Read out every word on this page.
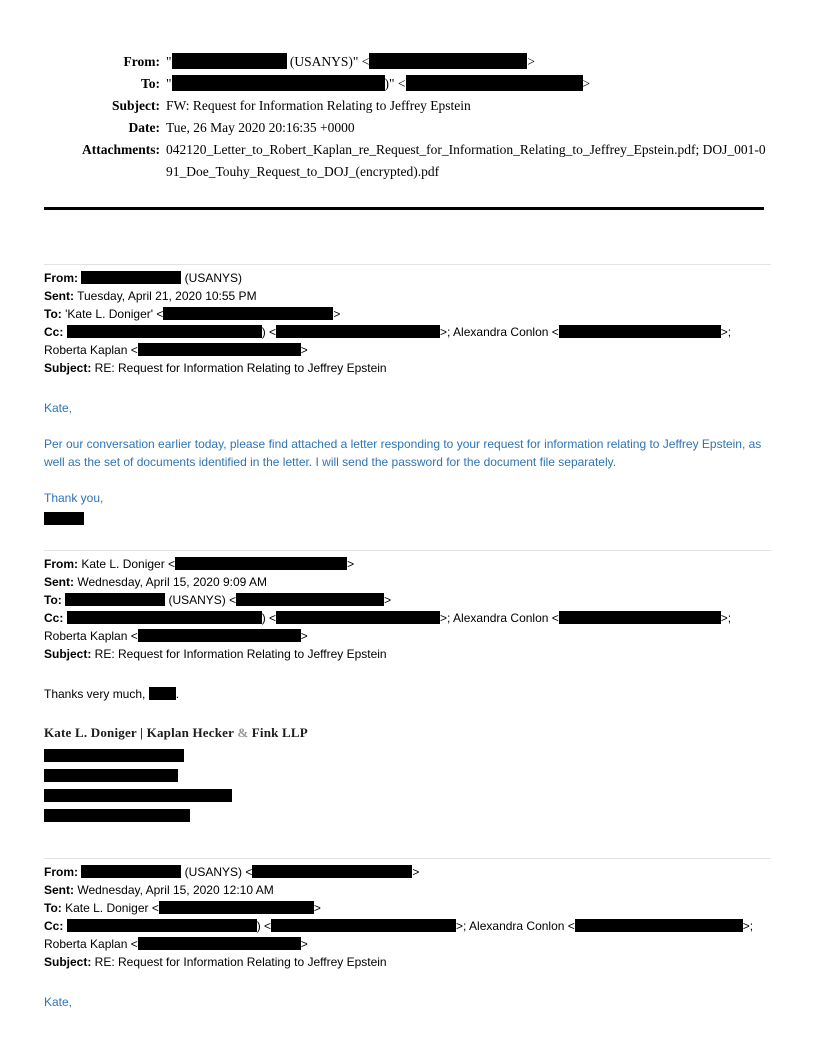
From: "	(USANYS)" <	>
To: "	)" <	>
Subject: FW: Request for Information Relating to Jeffrey Epstein
Date: Tue, 26 May 2020 20:16:35 +0000
Attachments: 042120_Letter_to_Robert_Kaplan_re_Request_for_Information_Relating_to_Jeffrey_Epstein.pdf; DOJ_001-091_Doe_Touhy_Request_to_DOJ_(encrypted).pdf
From:	(USANYS)
Sent: Tuesday, April 21, 2020 10:55 PM
To: 'Kate L. Doniger' <	>
Cc:	) <	>; Alexandra Conlon <	>;
Roberta Kaplan <	>
Subject: RE: Request for Information Relating to Jeffrey Epstein
Kate,
Per our conversation earlier today, please find attached a letter responding to your request for information relating to Jeffrey Epstein, as well as the set of documents identified in the letter. I will send the password for the document file separately.
Thank you,
From: Kate L. Doniger <	>
Sent: Wednesday, April 15, 2020 9:09 AM
To:	(USANYS) <	>
Cc:	) <	>; Alexandra Conlon <	>;
Roberta Kaplan <	>
Subject: RE: Request for Information Relating to Jeffrey Epstein
Thanks very much, .
Kate L. Doniger | Kaplan Hecker & Fink LLP
From:	(USANYS) <	>
Sent: Wednesday, April 15, 2020 12:10 AM
To: Kate L. Doniger <	>
Cc:	) <	>; Alexandra Conlon <	>;
Roberta Kaplan <	>
Subject: RE: Request for Information Relating to Jeffrey Epstein
Kate,
